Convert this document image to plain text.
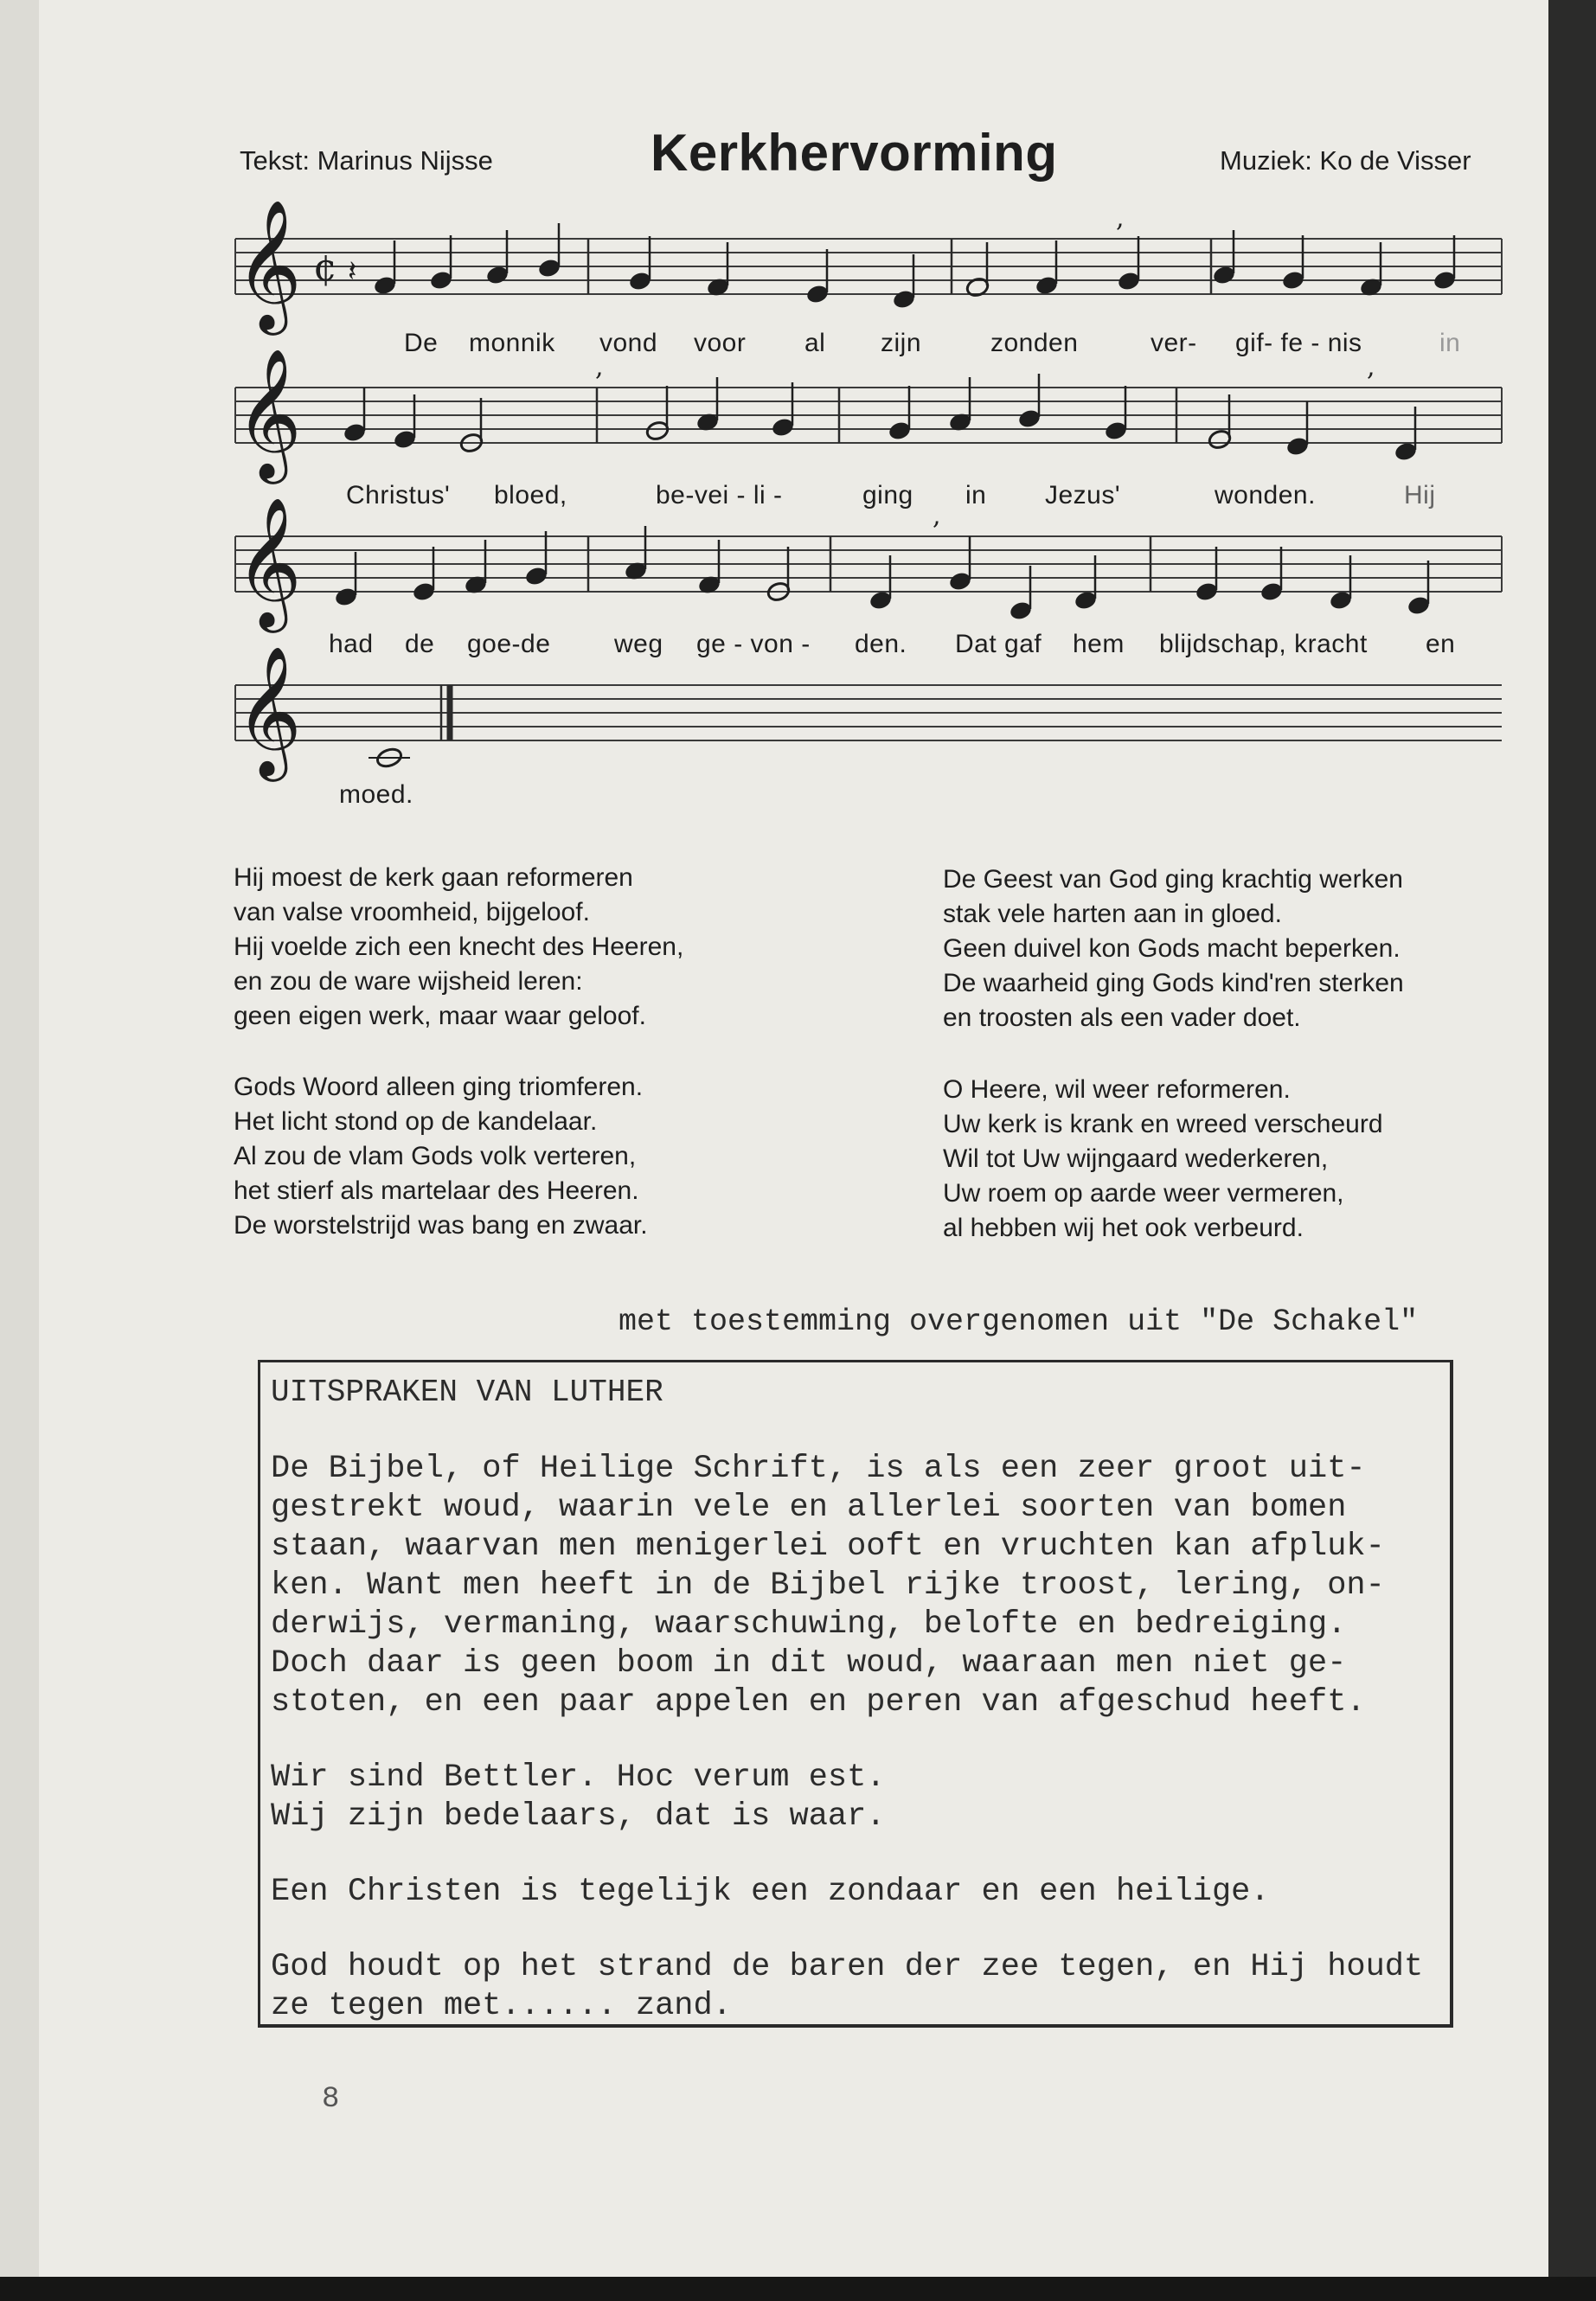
Tekst: Marinus Nijsse	Kerkhervorming	Muziek: Ko de Visser
𝄞
𝄞
𝄞
𝄞
¢ 𝄽
,
,	,
,
De monnik vond voor al zijn	zonden	ver- gif- fe - nis	in
Christus' bloed,	be-vei - li -	ging in Jezus'	wonden.	Hij
had de goe-de weg ge - von - den. Dat gaf hem blijdschap, kracht en
moed.
Hij moest de kerk gaan reformeren
van valse vroomheid, bijgeloof.
Hij voelde zich een knecht des Heeren,
en zou de ware wijsheid leren:
geen eigen werk, maar waar geloof.
Gods Woord alleen ging triomferen.
Het licht stond op de kandelaar.
Al zou de vlam Gods volk verteren,
het stierf als martelaar des Heeren.
De worstelstrijd was bang en zwaar.
De Geest van God ging krachtig werken
stak vele harten aan in gloed.
Geen duivel kon Gods macht beperken.
De waarheid ging Gods kind'ren sterken
en troosten als een vader doet.
O Heere, wil weer reformeren.
Uw kerk is krank en wreed verscheurd
Wil tot Uw wijngaard wederkeren,
Uw roem op aarde weer vermeren,
al hebben wij het ook verbeurd.
met toestemming overgenomen uit "De Schakel"
UITSPRAKEN VAN LUTHER
De Bijbel, of Heilige Schrift, is als een zeer groot uit-
gestrekt woud, waarin vele en allerlei soorten van bomen
staan, waarvan men menigerlei ooft en vruchten kan afpluk-
ken. Want men heeft in de Bijbel rijke troost, lering, on-
derwijs, vermaning, waarschuwing, belofte en bedreiging.
Doch daar is geen boom in dit woud, waaraan men niet ge-
stoten, en een paar appelen en peren van afgeschud heeft.
Wir sind Bettler. Hoc verum est.
Wij zijn bedelaars, dat is waar.
Een Christen is tegelijk een zondaar en een heilige.
God houdt op het strand de baren der zee tegen, en Hij houdt
ze tegen met...... zand.
8
